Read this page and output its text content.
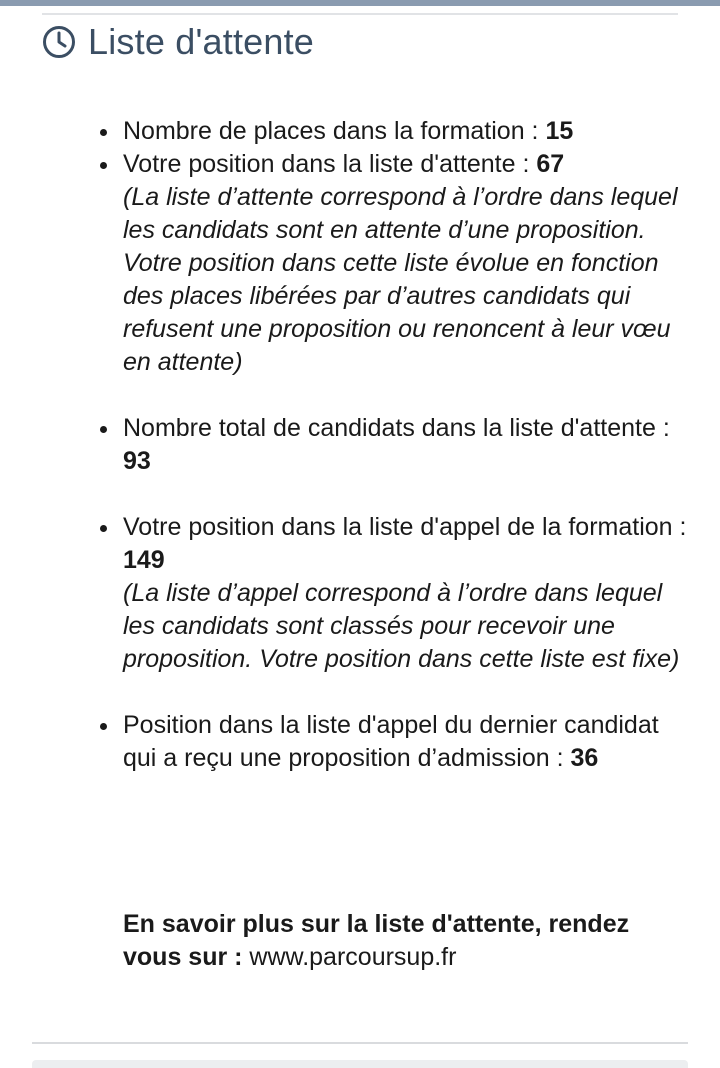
Liste d'attente
Nombre de places dans la formation : 15
Votre position dans la liste d'attente : 67
(La liste d’attente correspond à l’ordre dans lequel les candidats sont en attente d’une proposition. Votre position dans cette liste évolue en fonction des places libérées par d’autres candidats qui refusent une proposition ou renoncent à leur vœu en attente)
Nombre total de candidats dans la liste d'attente : 93
Votre position dans la liste d'appel de la formation : 149
(La liste d’appel correspond à l’ordre dans lequel les candidats sont classés pour recevoir une proposition. Votre position dans cette liste est fixe)
Position dans la liste d'appel du dernier candidat qui a reçu une proposition d’admission : 36
En savoir plus sur la liste d'attente, rendez vous sur : www.parcoursup.fr
